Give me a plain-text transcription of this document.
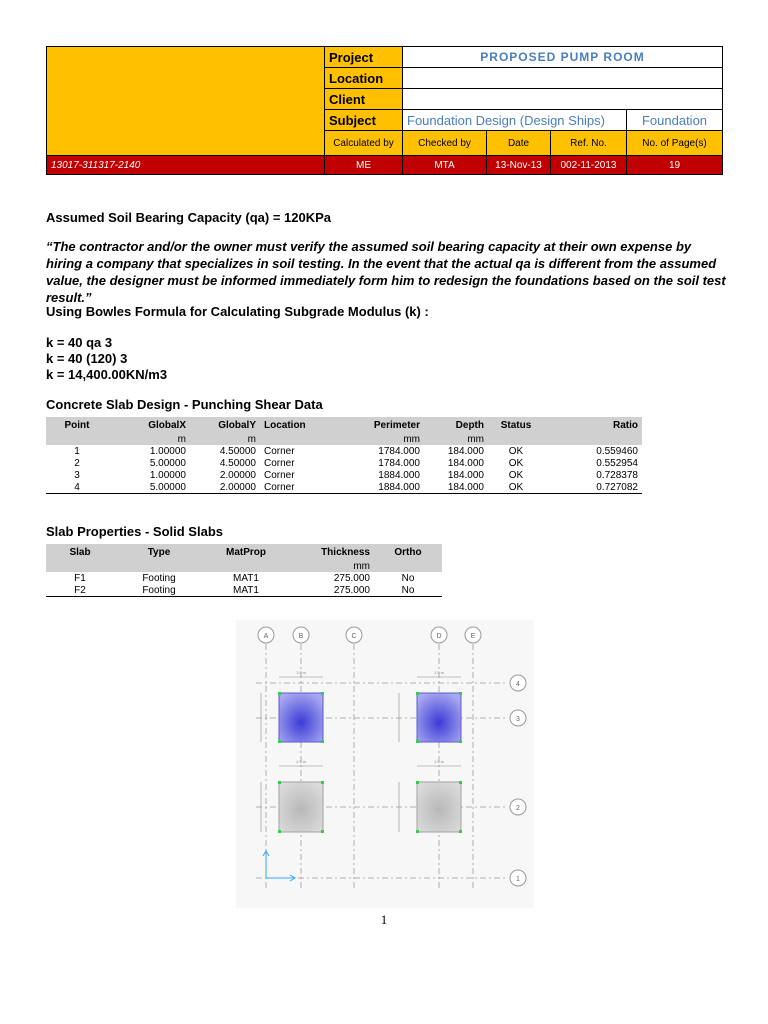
	Project	PROPOSED PUMP ROOM			
	Location				
	Client				
	Subject	Foundation Design (Design Ships)			Foundation
	Calculated by	Checked by	Date	Ref. No.	No. of Page(s)
13017-311317-2140	ME	MTA	13-Nov-13	002-11-2013	19
Assumed Soil Bearing Capacity (qa) = 120KPa
“The contractor and/or the owner must verify the assumed soil bearing capacity at their own expense by hiring a company that specializes in soil testing. In the event that the actual qa is different from the assumed value, the designer must be informed immediately form him to redesign the foundations based on the soil test result.”
Using Bowles Formula for Calculating Subgrade Modulus (k) :
k = 40 qa 3
k = 40 (120) 3
k = 14,400.00KN/m3
Concrete Slab Design - Punching Shear Data
Point	GlobalX	GlobalY	Location	Perimeter	Depth	Status	Ratio
	m	m		mm	mm		
1	1.00000	4.50000	Corner	1784.000	184.000	OK	0.559460
2	5.00000	4.50000	Corner	1784.000	184.000	OK	0.552954
3	1.00000	2.00000	Corner	1884.000	184.000	OK	0.728378
4	5.00000	2.00000	Corner	1884.000	184.000	OK	0.727082
Slab Properties - Solid Slabs
Slab	Type	MatProp	Thickness	Ortho
			mm	
F1	Footing	MAT1	275.000	No
F2	Footing	MAT1	275.000	No
A	B	C	D	E
4
3
2
1
1.5 m	1.5 m
1.5 m	1.5 m
1
